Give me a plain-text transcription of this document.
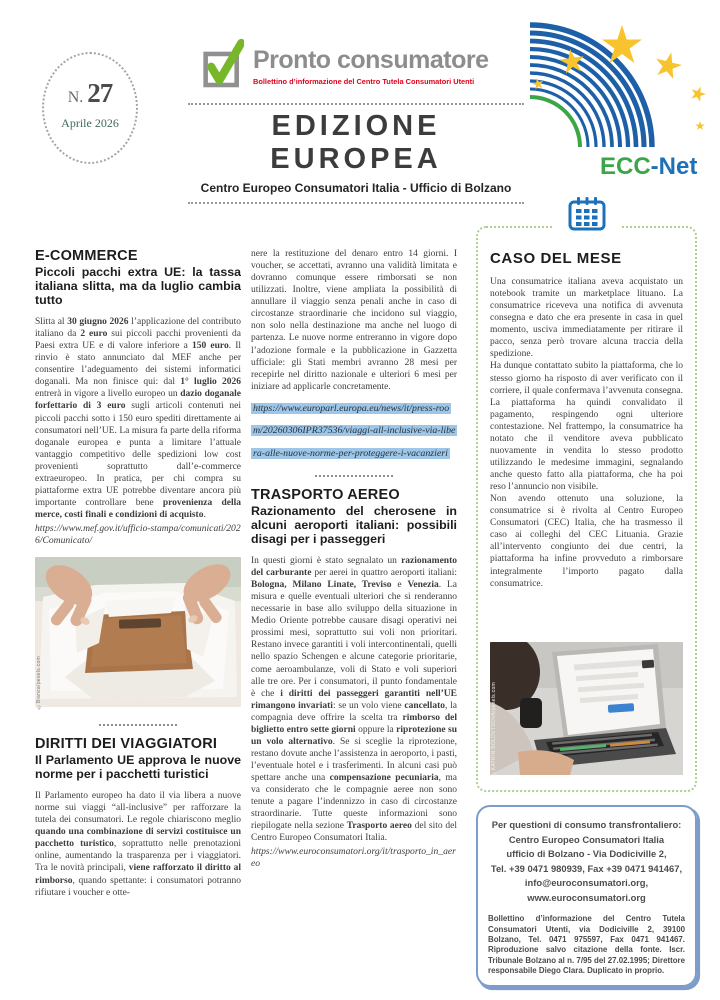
N. 27
Aprile 2026
Pronto consumatore
Bollettino d’informazione del Centro Tutela Consumatori Utenti
EDIZIONE EUROPEA
Centro Europeo Consumatori Italia - Ufficio di Bolzano
ECC-Net
E-COMMERCE
Piccoli pacchi extra UE: la tassa italiana slitta, ma da luglio cambia tutto

Slitta al 30 giugno 2026 l’applicazione del contributo italiano da 2 euro sui piccoli pacchi provenienti da Paesi extra UE e di valore inferiore a 150 euro. Il rinvio è stato annunciato dal MEF anche per consentire l’adeguamento dei sistemi informatici doganali. Ma non finisce qui: dal 1° luglio 2026 entrerà in vigore a livello europeo un dazio doganale forfettario di 3 euro sugli articoli contenuti nei piccoli pacchi sotto i 150 euro spediti direttamente ai consumatori nell’UE. La misura fa parte della riforma doganale europea e punta a limitare l’attuale vantaggio competitivo delle spedizioni low cost provenienti soprattutto dall’e-commerce extraeuropeo. In pratica, per chi compra su piattaforme extra UE potrebbe diventare ancora più importante controllare bene provenienza della merce, costi finali e condizioni di acquisto.

https://www.mef.gov.it/ufficio-stampa/comunicati/2026/Comunicato/

©Bianca/pexels.com
DIRITTI DEI VIAGGIATORI
Il Parlamento UE approva le nuove norme per i pacchetti turistici

Il Parlamento europeo ha dato il via libera a nuove norme sui viaggi “all-inclusive” per rafforzare la tutela dei consumatori. Le regole chiariscono meglio quando una combinazione di servizi costituisce un pacchetto turistico, soprattutto nelle prenotazioni online, aumentando la trasparenza per i viaggiatori. Tra le novità principali, viene rafforzato il diritto al rimborso, quando spettante: i consumatori potranno rifiutare i voucher e otte-

nere la restituzione del denaro entro 14 giorni. I voucher, se accettati, avranno una validità limitata e dovranno comunque essere rimborsati se non utilizzati. Inoltre, viene ampliata la possibilità di annullare il viaggio senza penali anche in caso di circostanze straordinarie che incidono sul viaggio, non solo nella destinazione ma anche nel luogo di partenza. Le nuove norme entreranno in vigore dopo l’adozione formale e la pubblicazione in Gazzetta ufficiale: gli Stati membri avranno 28 mesi per recepirle nel diritto nazionale e ulteriori 6 mesi per iniziare ad applicarle concretamente.

https://www.europarl.europa.eu/news/it/press-room/20260306IPR37536/viaggi-all-inclusive-via-libera-alle-nuove-norme-per-proteggere-i-vacanzieri
TRASPORTO AEREO
Razionamento del cherosene in alcuni aeroporti italiani: possibili disagi per i passeggeri

In questi giorni è stato segnalato un razionamento del carburante per aerei in quattro aeroporti italiani: Bologna, Milano Linate, Treviso e Venezia. La misura e quelle eventuali ulteriori che si renderanno necessarie in base allo sviluppo della situazione in Medio Oriente potrebbe causare disagi operativi nei prossimi mesi, soprattutto sui voli non prioritari. Restano invece garantiti i voli intercontinentali, quelli nello spazio Schengen e alcune categorie prioritarie, come aeroambulanze, voli di Stato e voli superiori alle tre ore. Per i consumatori, il punto fondamentale è che i diritti dei passeggeri garantiti nell’UE rimangono invariati: se un volo viene cancellato, la compagnia deve offrire la scelta tra rimborso del biglietto entro sette giorni oppure la riprotezione su un volo alternativo. Se si sceglie la riprotezione, restano dovute anche l’assistenza in aeroporto, i pasti, l’eventuale hotel e i trasferimenti. In alcuni casi può spettare anche una compensazione pecuniaria, ma va considerato che le compagnie aeree non sono tenute a pagare l’indennizzo in caso di circostanze straordinarie. Tutte queste informazioni sono riepilogate nella sezione Trasporto aereo del sito del Centro Europeo Consumatori Italia.

https://www.euroconsumatori.org/it/trasporto_in_aereo

CASO DEL MESE

Una consumatrice italiana aveva acquistato un notebook tramite un marketplace lituano. La consumatrice riceveva una notifica di avvenuta consegna e dato che era presente in casa in quel momento, usciva immediatamente per ritirare il pacco, senza però trovare alcuna traccia della spedizione.

Ha dunque contattato subito la piattaforma, che lo stesso giorno ha risposto di aver verificato con il corriere, il quale confermava l’avvenuta consegna. La piattaforma ha quindi convalidato il pagamento, respingendo ogni ulteriore contestazione. Nel frattempo, la consumatrice ha notato che il venditore aveva pubblicato nuovamente in vendita lo stesso prodotto utilizzando le medesime immagini, segnalando anche questo fatto alla piattaforma, che ha poi reso l’annuncio non visibile.

Non avendo ottenuto una soluzione, la consumatrice si è rivolta al Centro Europeo Consumatori (CEC) Italia, che ha trasmesso il caso ai colleghi del CEC Lituania. Grazie all’intervento congiunto dei due centri, la piattaforma ha infine provveduto a rimborsare integralmente l’importo pagato dalla consumatrice.

©KATRIN BOLOVTSOVA/pexels.com
Per questioni di consumo transfrontaliero:
Centro Europeo Consumatori Italia
ufficio di Bolzano - Via Dodiciville 2,
Tel. +39 0471 980939, Fax +39 0471 941467,
info@euroconsumatori.org,
www.euroconsumatori.org
Bollettino d’informazione del Centro Tutela Consumatori Utenti, via Dodiciville 2, 39100 Bolzano, Tel. 0471 975597, Fax 0471 941467. Riproduzione salvo citazione della fonte. Iscr. Tribunale Bolzano al n. 7/95 del 27.02.1995; Direttore responsabile Diego Clara. Duplicato in proprio.
